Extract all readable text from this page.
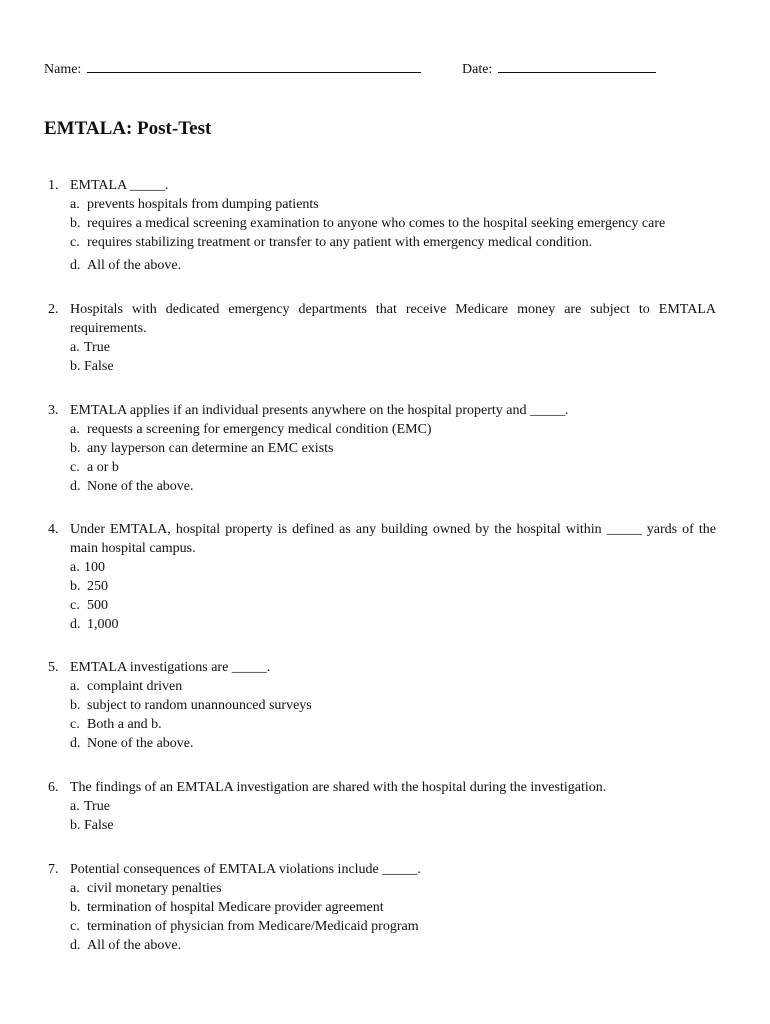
Name:	Date:
EMTALA: Post-Test
1. EMTALA _____.
a. prevents hospitals from dumping patients
b. requires a medical screening examination to anyone who comes to the hospital seeking emergency care
c. requires stabilizing treatment or transfer to any patient with emergency medical condition.
d. All of the above.
2. Hospitals with dedicated emergency departments that receive Medicare money are subject to EMTALA requirements.
a. True
b. False
3. EMTALA applies if an individual presents anywhere on the hospital property and _____.
a. requests a screening for emergency medical condition (EMC)
b. any layperson can determine an EMC exists
c. a or b
d. None of the above.
4. Under EMTALA, hospital property is defined as any building owned by the hospital within _____ yards of the main hospital campus.
a. 100
b. 250
c. 500
d. 1,000
5. EMTALA investigations are _____.
a. complaint driven
b. subject to random unannounced surveys
c. Both a and b.
d. None of the above.
6. The findings of an EMTALA investigation are shared with the hospital during the investigation.
a. True
b. False
7. Potential consequences of EMTALA violations include _____.
a. civil monetary penalties
b. termination of hospital Medicare provider agreement
c. termination of physician from Medicare/Medicaid program
d. All of the above.
